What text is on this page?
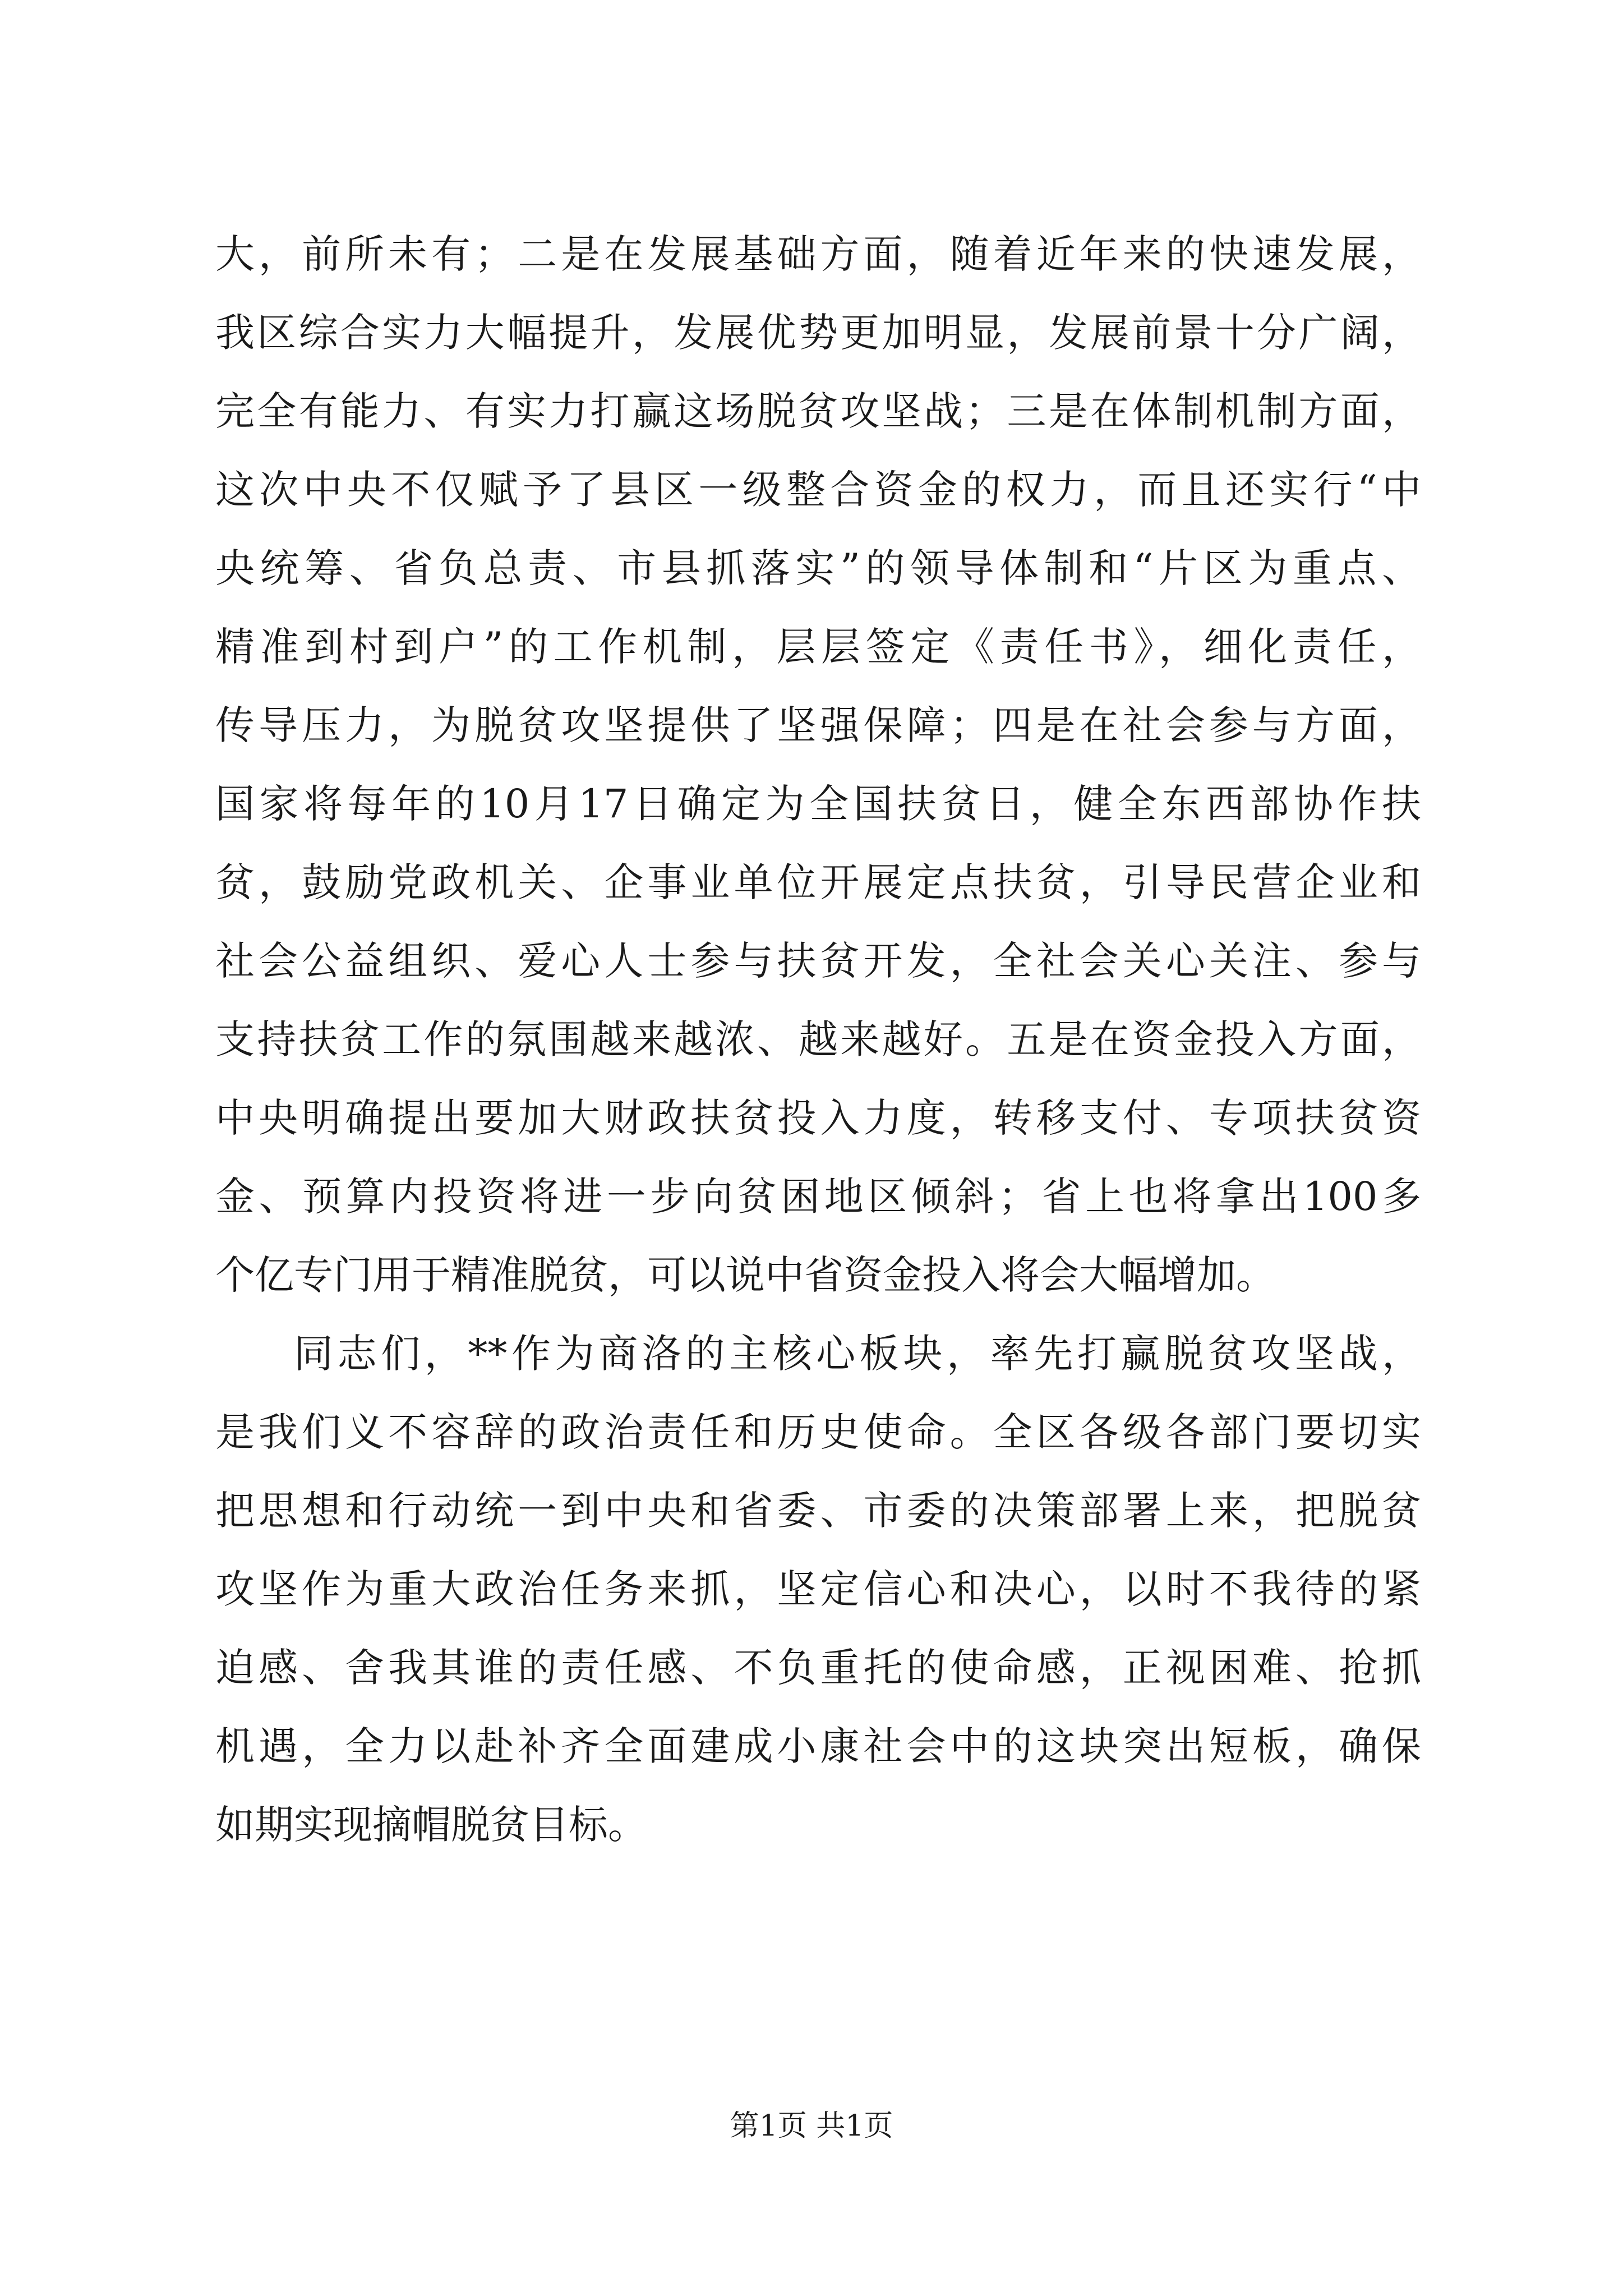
大，前所未有；二是在发展基础方面，随着近年来的快速发展，
我区综合实力大幅提升，发展优势更加明显，发展前景十分广阔，
完全有能力、有实力打赢这场脱贫攻坚战；三是在体制机制方面，
这次中央不仅赋予了县区一级整合资金的权力，而且还实行“中
央统筹、省负总责、市县抓落实”的领导体制和“片区为重点、
精准到村到户”的工作机制，层层签定《责任书》，细化责任，
传导压力，为脱贫攻坚提供了坚强保障；四是在社会参与方面，
国家将每年的10月17日确定为全国扶贫日，健全东西部协作扶
贫，鼓励党政机关、企事业单位开展定点扶贫，引导民营企业和
社会公益组织、爱心人士参与扶贫开发，全社会关心关注、参与
支持扶贫工作的氛围越来越浓、越来越好。五是在资金投入方面，
中央明确提出要加大财政扶贫投入力度，转移支付、专项扶贫资
金、预算内投资将进一步向贫困地区倾斜；省上也将拿出100多
个亿专门用于精准脱贫，可以说中省资金投入将会大幅增加。
同志们，**作为商洛的主核心板块，率先打赢脱贫攻坚战，
是我们义不容辞的政治责任和历史使命。全区各级各部门要切实
把思想和行动统一到中央和省委、市委的决策部署上来，把脱贫
攻坚作为重大政治任务来抓，坚定信心和决心，以时不我待的紧
迫感、舍我其谁的责任感、不负重托的使命感，正视困难、抢抓
机遇，全力以赴补齐全面建成小康社会中的这块突出短板，确保
如期实现摘帽脱贫目标。
第1页 共1页
